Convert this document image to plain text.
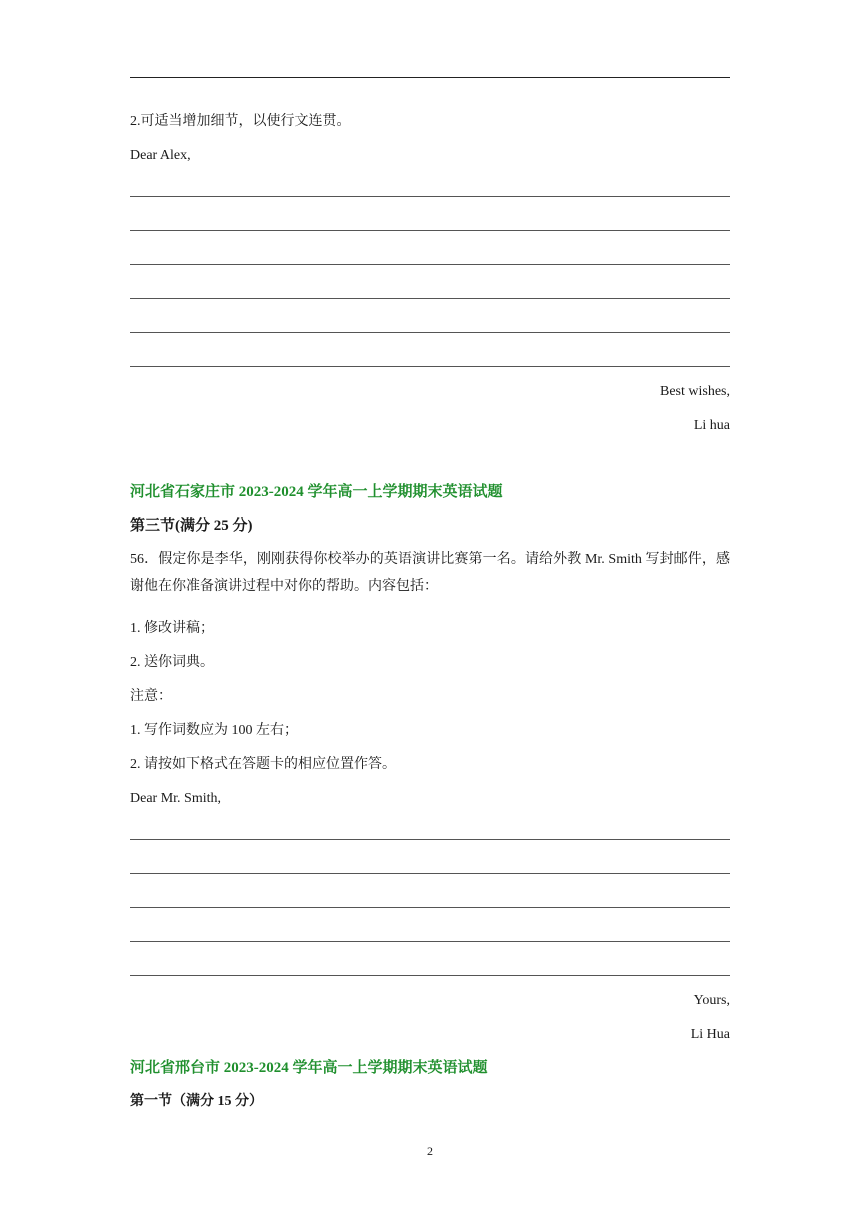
2.可适当增加细节，以使行文连贯。
Dear Alex,
Best wishes,
Li hua
河北省石家庄市 2023-2024 学年高一上学期期末英语试题
第三节(满分 25 分)
56．假定你是李华，刚刚获得你校举办的英语演讲比赛第一名。请给外教 Mr. Smith 写封邮件，感谢他在你准备演讲过程中对你的帮助。内容包括：
1. 修改讲稿；
2. 送你词典。
注意：
1. 写作词数应为 100 左右；
2. 请按如下格式在答题卡的相应位置作答。
Dear Mr. Smith,
Yours,
Li Hua
河北省邢台市 2023-2024 学年高一上学期期末英语试题
第一节（满分 15 分）
2
